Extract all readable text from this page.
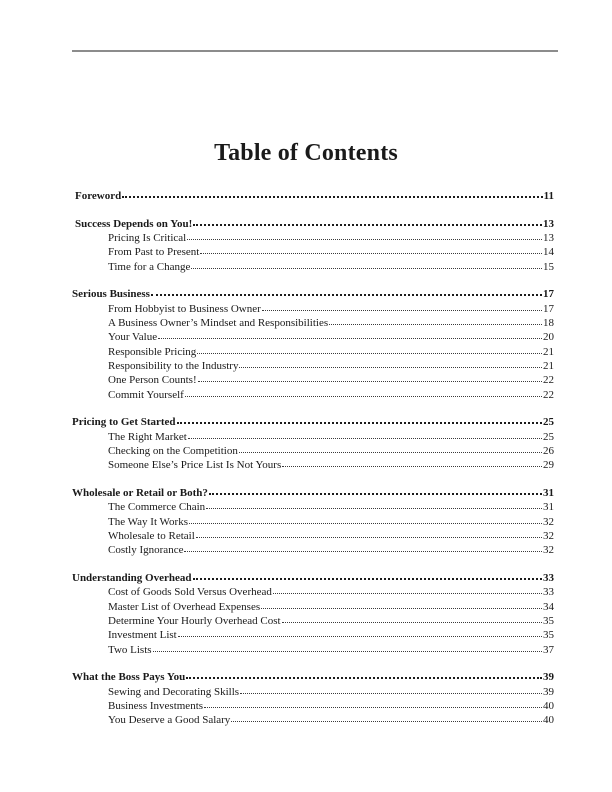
Table of Contents
Foreword	11
Success Depends on You!	13
Pricing Is Critical	13
From Past to Present	14
Time for a Change	15
Serious Business	17
From Hobbyist to Business Owner	17
A Business Owner’s Mindset and Responsibilities	18
Your Value	20
Responsible Pricing	21
Responsibility to the Industry	21
One Person Counts!	22
Commit Yourself	22
Pricing to Get Started	25
The Right Market	25
Checking on the Competition	26
Someone Else’s Price List Is Not Yours	29
Wholesale or Retail or Both?	31
The Commerce Chain	31
The Way It Works	32
Wholesale to Retail	32
Costly Ignorance	32
Understanding Overhead	33
Cost of Goods Sold Versus Overhead	33
Master List of Overhead Expenses	34
Determine Your Hourly Overhead Cost	35
Investment List	35
Two Lists	37
What the Boss Pays You	39
Sewing and Decorating Skills	39
Business Investments	40
You Deserve a Good Salary	40
